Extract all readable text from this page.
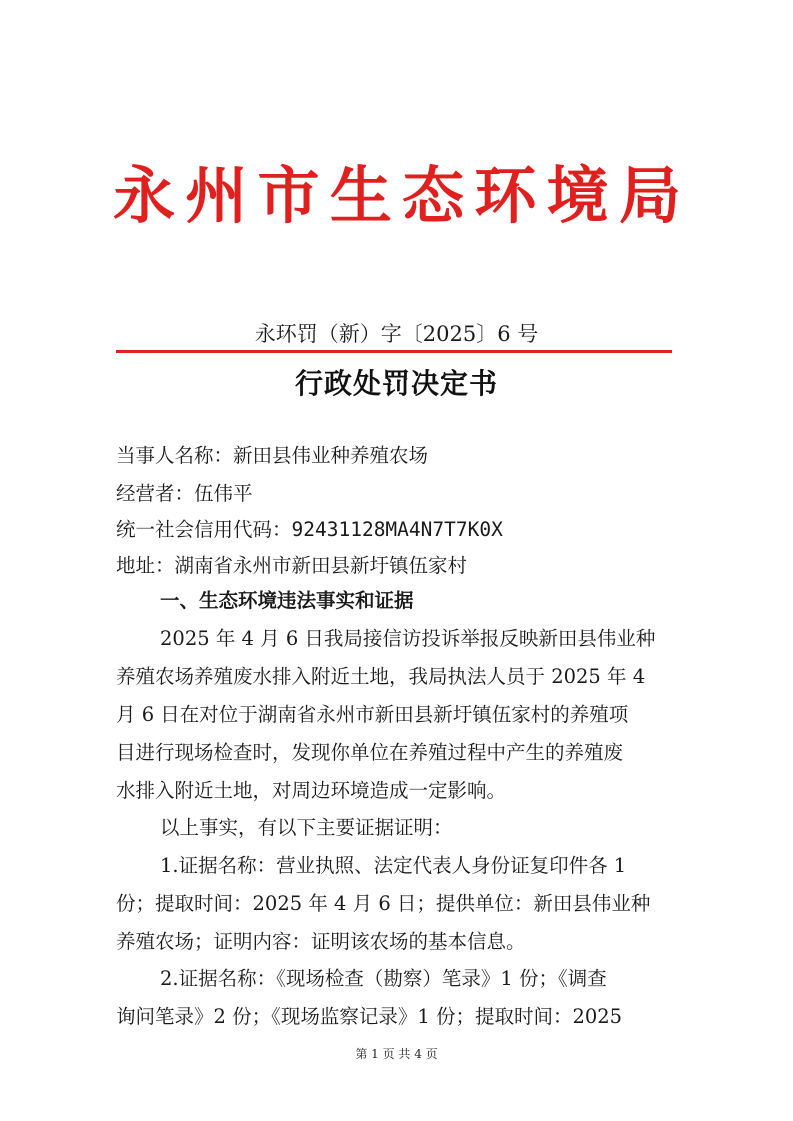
永 州 市 生 态 环 境 局
永环罚（新）字〔2025〕6 号
行政处罚决定书
当事人名称：新田县伟业种养殖农场
经营者：伍伟平
统一社会信用代码：92431128MA4N7T7K0X
地址：湖南省永州市新田县新圩镇伍家村
一、生态环境违法事实和证据
2025 年 4 月 6 日我局接信访投诉举报反映新田县伟业种
养殖农场养殖废水排入附近土地，我局执法人员于 2025 年 4
月 6 日在对位于湖南省永州市新田县新圩镇伍家村的养殖项
目进行现场检查时，发现你单位在养殖过程中产生的养殖废
水排入附近土地，对周边环境造成一定影响。
以上事实，有以下主要证据证明：
1.证据名称：营业执照、法定代表人身份证复印件各 1
份；提取时间：2025 年 4 月 6 日；提供单位：新田县伟业种
养殖农场；证明内容：证明该农场的基本信息。
2.证据名称：《现场检查（勘察）笔录》1 份；《调查
询问笔录》2 份；《现场监察记录》1 份；提取时间：2025
第 1 页 共 4 页
